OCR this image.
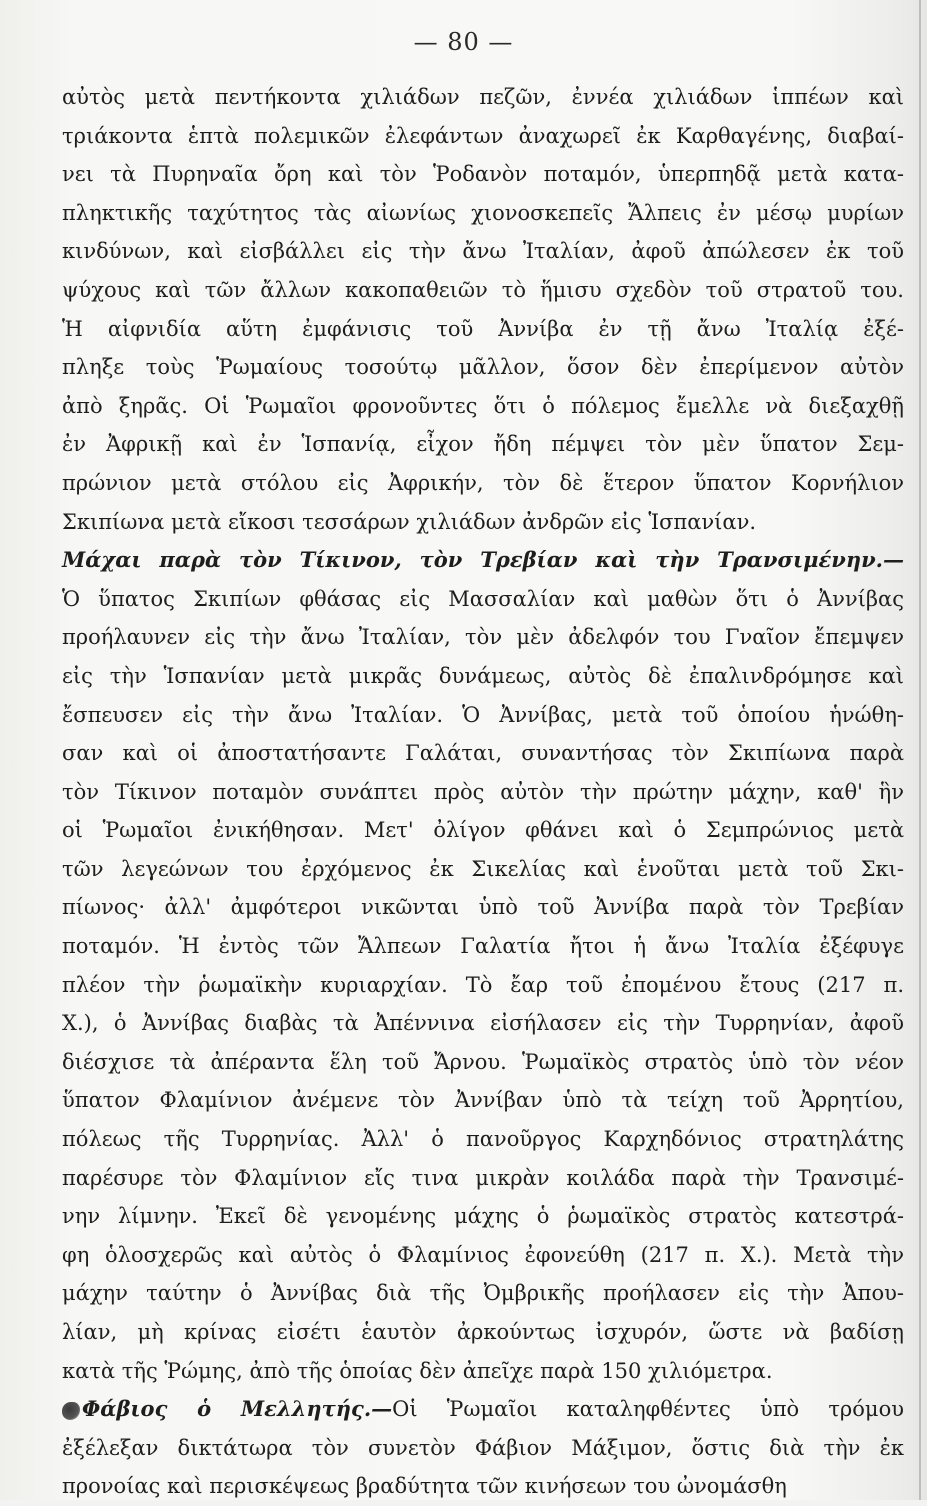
— 80 —
αὐτὸς μετὰ πεντήκοντα χιλιάδων πεζῶν, ἐννέα χιλιάδων ἱππέων καὶ
τριάκοντα ἑπτὰ πολεμικῶν ἐλεφάντων ἀναχωρεῖ ἐκ Καρθαγένης, διαβαί-
νει τὰ Πυρηναῖα ὄρη καὶ τὸν Ῥοδανὸν ποταμόν, ὑπερπηδᾷ μετὰ κατα-
πληκτικῆς ταχύτητος τὰς αἰωνίως χιονοσκεπεῖς Ἄλπεις ἐν μέσῳ μυρίων
κινδύνων, καὶ εἰσβάλλει εἰς τὴν ἄνω Ἰταλίαν, ἀφοῦ ἀπώλεσεν ἐκ τοῦ
ψύχους καὶ τῶν ἄλλων κακοπαθειῶν τὸ ἥμισυ σχεδὸν τοῦ στρατοῦ του.
Ἡ αἰφνιδία αὕτη ἐμφάνισις τοῦ Ἀννίβα ἐν τῇ ἄνω Ἰταλίᾳ ἐξέ-
πληξε τοὺς Ῥωμαίους τοσούτῳ μᾶλλον, ὅσον δὲν ἐπερίμενον αὐτὸν
ἀπὸ ξηρᾶς. Οἱ Ῥωμαῖοι φρονοῦντες ὅτι ὁ πόλεμος ἔμελλε νὰ διεξαχθῇ
ἐν Ἀφρικῇ καὶ ἐν Ἱσπανίᾳ, εἶχον ἤδη πέμψει τὸν μὲν ὕπατον Σεμ-
πρώνιον μετὰ στόλου εἰς Ἀφρικήν, τὸν δὲ ἕτερον ὕπατον Κορνήλιον
Σκιπίωνα μετὰ εἴκοσι τεσσάρων χιλιάδων ἀνδρῶν εἰς Ἱσπανίαν.
Μάχαι παρὰ τὸν Τίκινον, τὸν Τρεβίαν καὶ τὴν Τρανσιμένην.—
Ὁ ὕπατος Σκιπίων φθάσας εἰς Μασσαλίαν καὶ μαθὼν ὅτι ὁ Ἀννίβας
προήλαυνεν εἰς τὴν ἄνω Ἰταλίαν, τὸν μὲν ἀδελφόν του Γναῖον ἔπεμψεν
εἰς τὴν Ἱσπανίαν μετὰ μικρᾶς δυνάμεως, αὐτὸς δὲ ἐπαλινδρόμησε καὶ
ἔσπευσεν εἰς τὴν ἄνω Ἰταλίαν. Ὁ Ἀννίβας, μετὰ τοῦ ὁποίου ἡνώθη-
σαν καὶ οἱ ἀποστατήσαντε Γαλάται, συναντήσας τὸν Σκιπίωνα παρὰ
τὸν Τίκινον ποταμὸν συνάπτει πρὸς αὐτὸν τὴν πρώτην μάχην, καθ' ἣν
οἱ Ῥωμαῖοι ἐνικήθησαν. Μετ' ὀλίγον φθάνει καὶ ὁ Σεμπρώνιος μετὰ
τῶν λεγεώνων του ἐρχόμενος ἐκ Σικελίας καὶ ἑνοῦται μετὰ τοῦ Σκι-
πίωνος· ἀλλ' ἀμφότεροι νικῶνται ὑπὸ τοῦ Ἀννίβα παρὰ τὸν Τρεβίαν
ποταμόν. Ἡ ἐντὸς τῶν Ἄλπεων Γαλατία ἤτοι ἡ ἄνω Ἰταλία ἐξέφυγε
πλέον τὴν ῥωμαϊκὴν κυριαρχίαν. Τὸ ἔαρ τοῦ ἐπομένου ἔτους (217 π.
Χ.), ὁ Ἀννίβας διαβὰς τὰ Ἀπέννινα εἰσήλασεν εἰς τὴν Τυρρηνίαν, ἀφοῦ
διέσχισε τὰ ἀπέραντα ἕλη τοῦ Ἄρνου. Ῥωμαϊκὸς στρατὸς ὑπὸ τὸν νέον
ὕπατον Φλαμίνιον ἀνέμενε τὸν Ἀννίβαν ὑπὸ τὰ τείχη τοῦ Ἀρρητίου,
πόλεως τῆς Τυρρηνίας. Ἀλλ' ὁ πανοῦργος Καρχηδόνιος στρατηλάτης
παρέσυρε τὸν Φλαμίνιον εἴς τινα μικρὰν κοιλάδα παρὰ τὴν Τρανσιμέ-
νην λίμνην. Ἐκεῖ δὲ γενομένης μάχης ὁ ῥωμαϊκὸς στρατὸς κατεστρά-
φη ὁλοσχερῶς καὶ αὐτὸς ὁ Φλαμίνιος ἐφονεύθη (217 π. Χ.). Μετὰ τὴν
μάχην ταύτην ὁ Ἀννίβας διὰ τῆς Ὀμβρικῆς προήλασεν εἰς τὴν Ἀπου-
λίαν, μὴ κρίνας εἰσέτι ἑαυτὸν ἀρκούντως ἰσχυρόν, ὥστε νὰ βαδίσῃ
κατὰ τῆς Ῥώμης, ἀπὸ τῆς ὁποίας δὲν ἀπεῖχε παρὰ 150 χιλιόμετρα.
Φάβιος ὁ Μελλητής.—Οἱ Ῥωμαῖοι καταληφθέντες ὑπὸ τρόμου
ἐξέλεξαν δικτάτωρα τὸν συνετὸν Φάβιον Μάξιμον, ὅστις διὰ τὴν ἐκ
προνοίας καὶ περισκέψεως βραδύτητα τῶν κινήσεων του ὠνομάσθη
